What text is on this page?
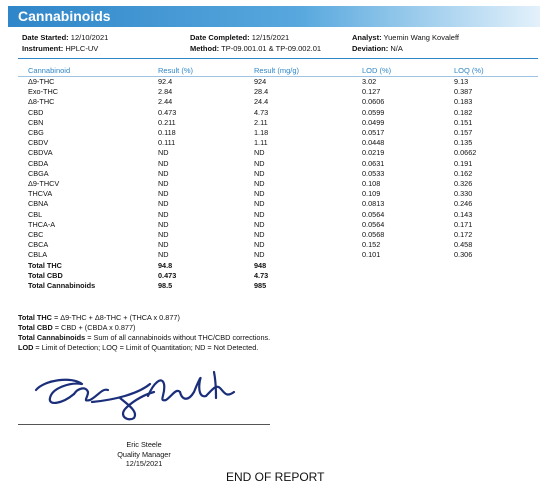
Cannabinoids
Date Started: 12/10/2021
Instrument: HPLC-UV
Date Completed: 12/15/2021
Method: TP-09.001.01 & TP-09.002.01
Analyst: Yuemin Wang Kovaleff
Deviation: N/A
Cannabinoid	Result (%)	Result (mg/g)	LOD (%)	LOQ (%)
Δ9-THC	92.4	924	3.02	9.13
Exo-THC	2.84	28.4	0.127	0.387
Δ8-THC	2.44	24.4	0.0606	0.183
CBD	0.473	4.73	0.0599	0.182
CBN	0.211	2.11	0.0499	0.151
CBG	0.118	1.18	0.0517	0.157
CBDV	0.111	1.11	0.0448	0.135
CBDVA	ND	ND	0.0219	0.0662
CBDA	ND	ND	0.0631	0.191
CBGA	ND	ND	0.0533	0.162
Δ9-THCV	ND	ND	0.108	0.326
THCVA	ND	ND	0.109	0.330
CBNA	ND	ND	0.0813	0.246
CBL	ND	ND	0.0564	0.143
THCA-A	ND	ND	0.0564	0.171
CBC	ND	ND	0.0568	0.172
CBCA	ND	ND	0.152	0.458
CBLA	ND	ND	0.101	0.306
Total THC	94.8	948		
Total CBD	0.473	4.73		
Total Cannabinoids	98.5	985		
Total THC = Δ9-THC + Δ8-THC + (THCA x 0.877)
Total CBD = CBD + (CBDA x 0.877)
Total Cannabinoids = Sum of all cannabinoids without THC/CBD corrections.
LOD = Limit of Detection; LOQ = Limit of Quantitation; ND = Not Detected.
Eric Steele
Quality Manager
12/15/2021
END OF REPORT
